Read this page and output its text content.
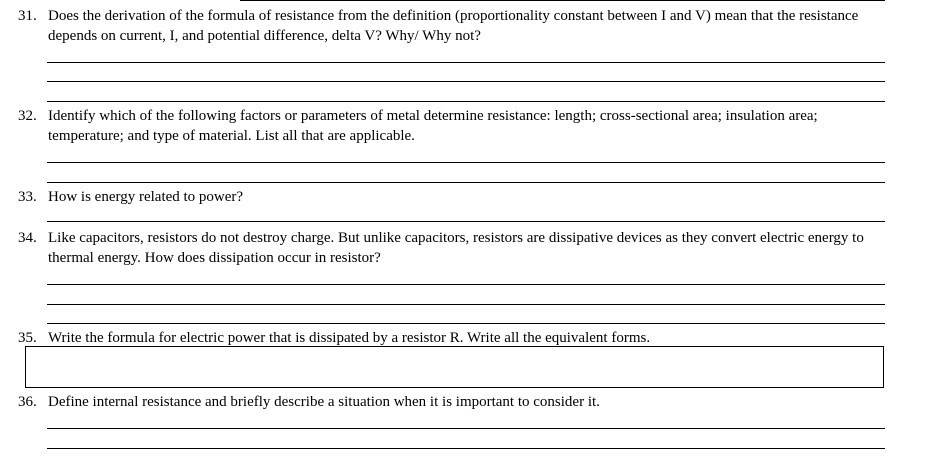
31. Does the derivation of the formula of resistance from the definition (proportionality constant between I and V) mean that the resistance depends on current, I, and potential difference, delta V? Why/ Why not?
32. Identify which of the following factors or parameters of metal determine resistance: length; cross-sectional area; insulation area; temperature; and type of material. List all that are applicable.
33. How is energy related to power?
34. Like capacitors, resistors do not destroy charge. But unlike capacitors, resistors are dissipative devices as they convert electric energy to thermal energy. How does dissipation occur in resistor?
35. Write the formula for electric power that is dissipated by a resistor R. Write all the equivalent forms.
36. Define internal resistance and briefly describe a situation when it is important to consider it.
